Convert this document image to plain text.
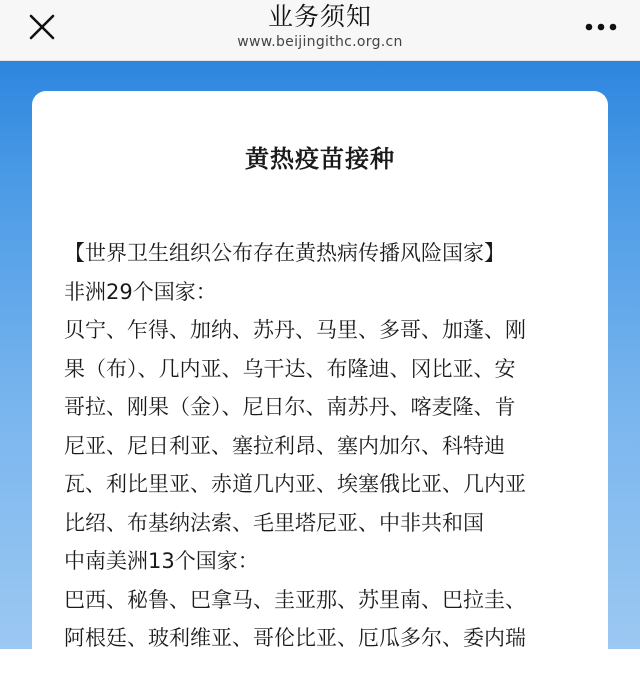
业务须知
www.beijingithc.org.cn
黄热疫苗接种

【世界卫生组织公布存在黄热病传播风险国家】

非洲29个国家：

贝宁、乍得、加纳、苏丹、马里、多哥、加蓬、刚

果（布）、几内亚、乌干达、布隆迪、冈比亚、安

哥拉、刚果（金）、尼日尔、南苏丹、喀麦隆、肯

尼亚、尼日利亚、塞拉利昂、塞内加尔、科特迪

瓦、利比里亚、赤道几内亚、埃塞俄比亚、几内亚

比绍、布基纳法索、毛里塔尼亚、中非共和国

中南美洲13个国家：

巴西、秘鲁、巴拿马、圭亚那、苏里南、巴拉圭、

阿根廷、玻利维亚、哥伦比亚、厄瓜多尔、委内瑞
